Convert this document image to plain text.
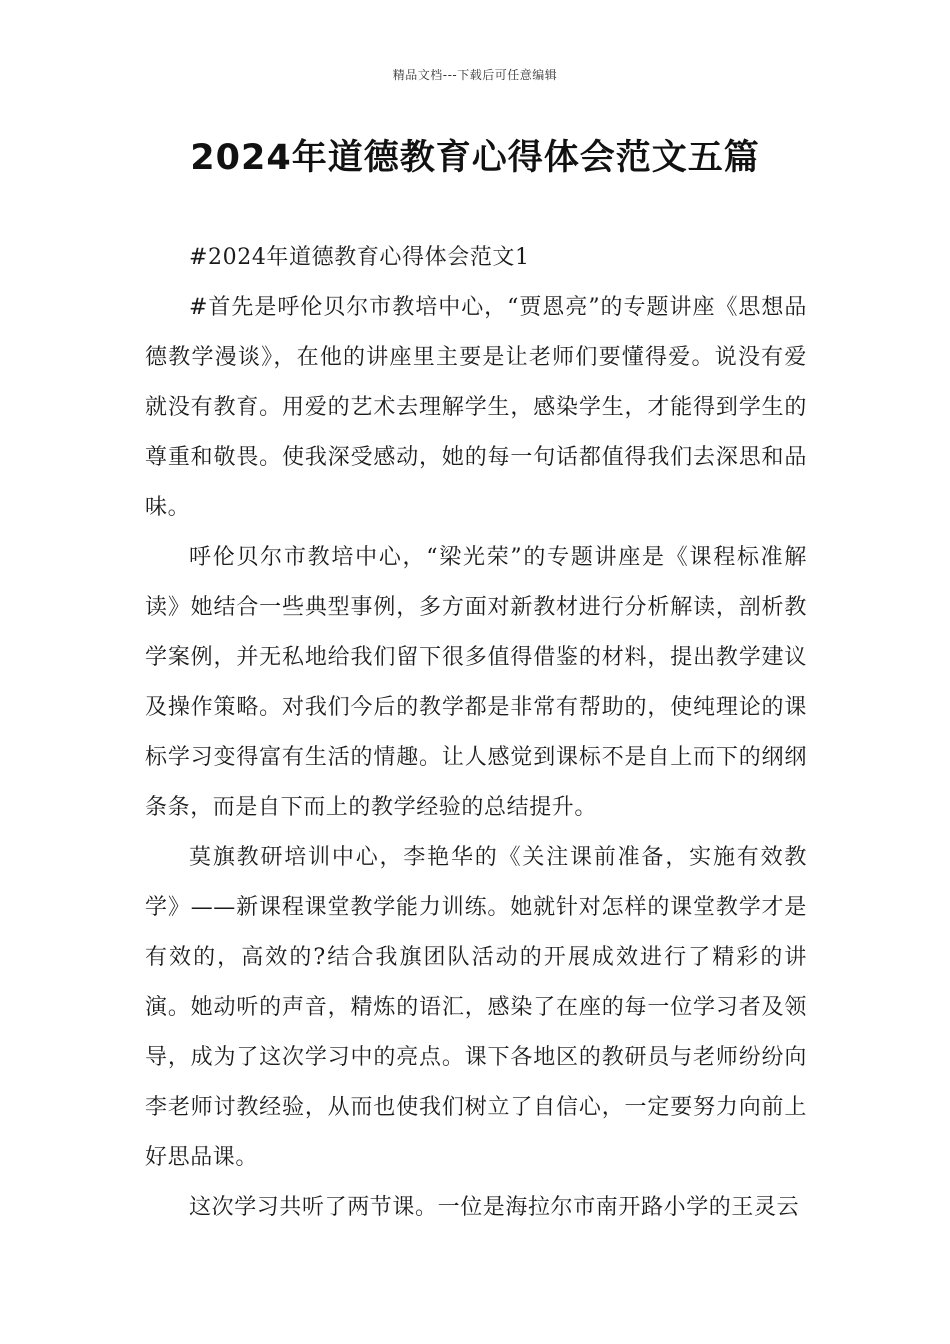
精品文档---下载后可任意编辑
2024年道德教育心得体会范文五篇

#2024年道德教育心得体会范文1

#首先是呼伦贝尔市教培中心，“贾恩亮”的专题讲座《思想品德教学漫谈》，在他的讲座里主要是让老师们要懂得爱。说没有爱就没有教育。用爱的艺术去理解学生，感染学生，才能得到学生的尊重和敬畏。使我深受感动，她的每一句话都值得我们去深思和品味。

呼伦贝尔市教培中心，“梁光荣”的专题讲座是《课程标准解读》她结合一些典型事例，多方面对新教材进行分析解读，剖析教学案例，并无私地给我们留下很多值得借鉴的材料，提出教学建议及操作策略。对我们今后的教学都是非常有帮助的，使纯理论的课标学习变得富有生活的情趣。让人感觉到课标不是自上而下的纲纲条条，而是自下而上的教学经验的总结提升。

莫旗教研培训中心，李艳华的《关注课前准备，实施有效教学》——新课程课堂教学能力训练。她就针对怎样的课堂教学才是有效的，高效的?结合我旗团队活动的开展成效进行了精彩的讲演。她动听的声音，精炼的语汇，感染了在座的每一位学习者及领导，成为了这次学习中的亮点。课下各地区的教研员与老师纷纷向李老师讨教经验，从而也使我们树立了自信心，一定要努力向前上好思品课。

这次学习共听了两节课。一位是海拉尔市南开路小学的王灵云
